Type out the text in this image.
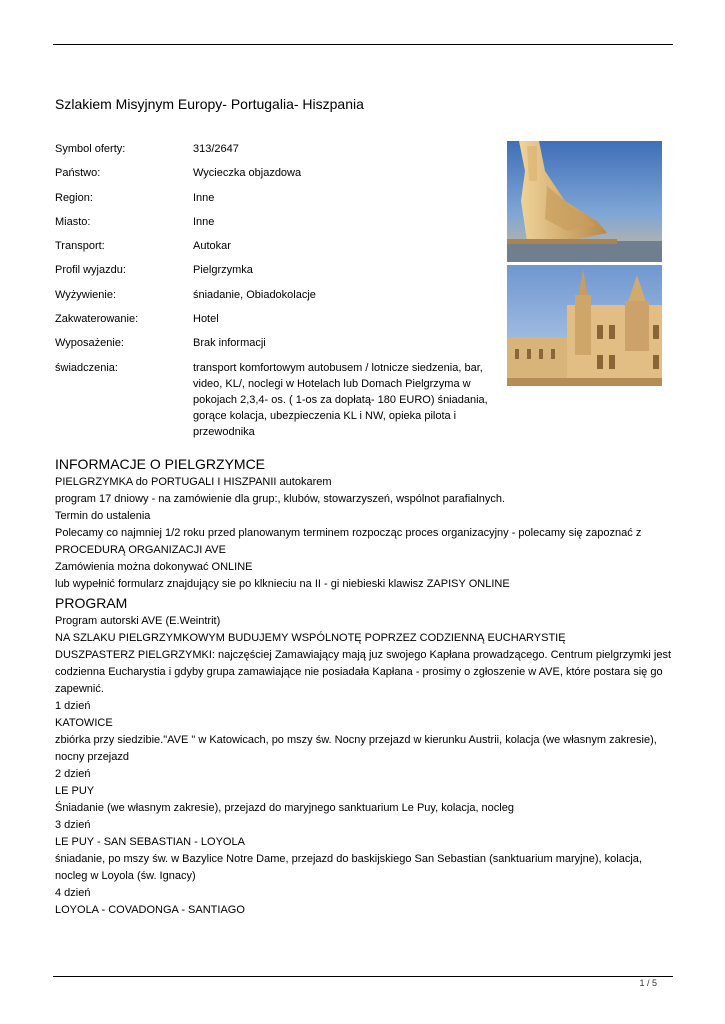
Szlakiem Misyjnym Europy- Portugalia- Hiszpania
Symbol oferty:	313/2647
Państwo:	Wycieczka objazdowa
Region:	Inne
Miasto:	Inne
Transport:	Autokar
Profil wyjazdu:	Pielgrzymka
Wyżywienie:	śniadanie, Obiadokolacje
Zakwaterowanie:	Hotel
Wyposażenie:	Brak informacji
świadczenia:	transport komfortowym autobusem / lotnicze siedzenia, bar,
video, KL/, noclegi w Hotelach lub Domach Pielgrzyma w
pokojach 2,3,4- os. ( 1-os za dopłatą- 180 EURO) śniadania,
gorące kolacja, ubezpieczenia KL i NW, opieka pilota i
przewodnika
INFORMACJE O PIELGRZYMCE

PIELGRZYMKA do PORTUGALI I HISZPANII autokarem

program 17 dniowy - na zamówienie dla grup:, klubów, stowarzyszeń, wspólnot parafialnych.

Termin do ustalenia

Polecamy co najmniej 1/2 roku przed planowanym terminem rozpocząc proces organizacyjny - polecamy się zapoznać z

PROCEDURĄ ORGANIZACJI AVE

Zamówienia można dokonywać ONLINE

lub wypełnić formularz znajdujący sie po klknieciu na II - gi niebieski klawisz ZAPISY ONLINE

PROGRAM

Program autorski AVE (E.Weintrit)

NA SZLAKU PIELGRZYMKOWYM BUDUJEMY WSPÓLNOTĘ POPRZEZ CODZIENNĄ EUCHARYSTIĘ

DUSZPASTERZ PIELGRZYMKI: najczęściej Zamawiający mają juz swojego Kapłana prowadzącego. Centrum pielgrzymki jest

codzienna Eucharystia i gdyby grupa zamawiające nie posiadała Kapłana - prosimy o zgłoszenie w AVE, które postara się go

zapewnić.

1 dzień

KATOWICE

zbiórka przy siedzibie."AVE " w Katowicach, po mszy św. Nocny przejazd w kierunku Austrii, kolacja (we własnym zakresie),

nocny przejazd

2 dzień

LE PUY

Śniadanie (we własnym zakresie), przejazd do maryjnego sanktuarium Le Puy, kolacja, nocleg

3 dzień

LE PUY - SAN SEBASTIAN - LOYOLA

śniadanie, po mszy św. w Bazylice Notre Dame, przejazd do baskijskiego San Sebastian (sanktuarium maryjne), kolacja,

nocleg w Loyola (św. Ignacy)

4 dzień

LOYOLA - COVADONGA - SANTIAGO

1 / 5
